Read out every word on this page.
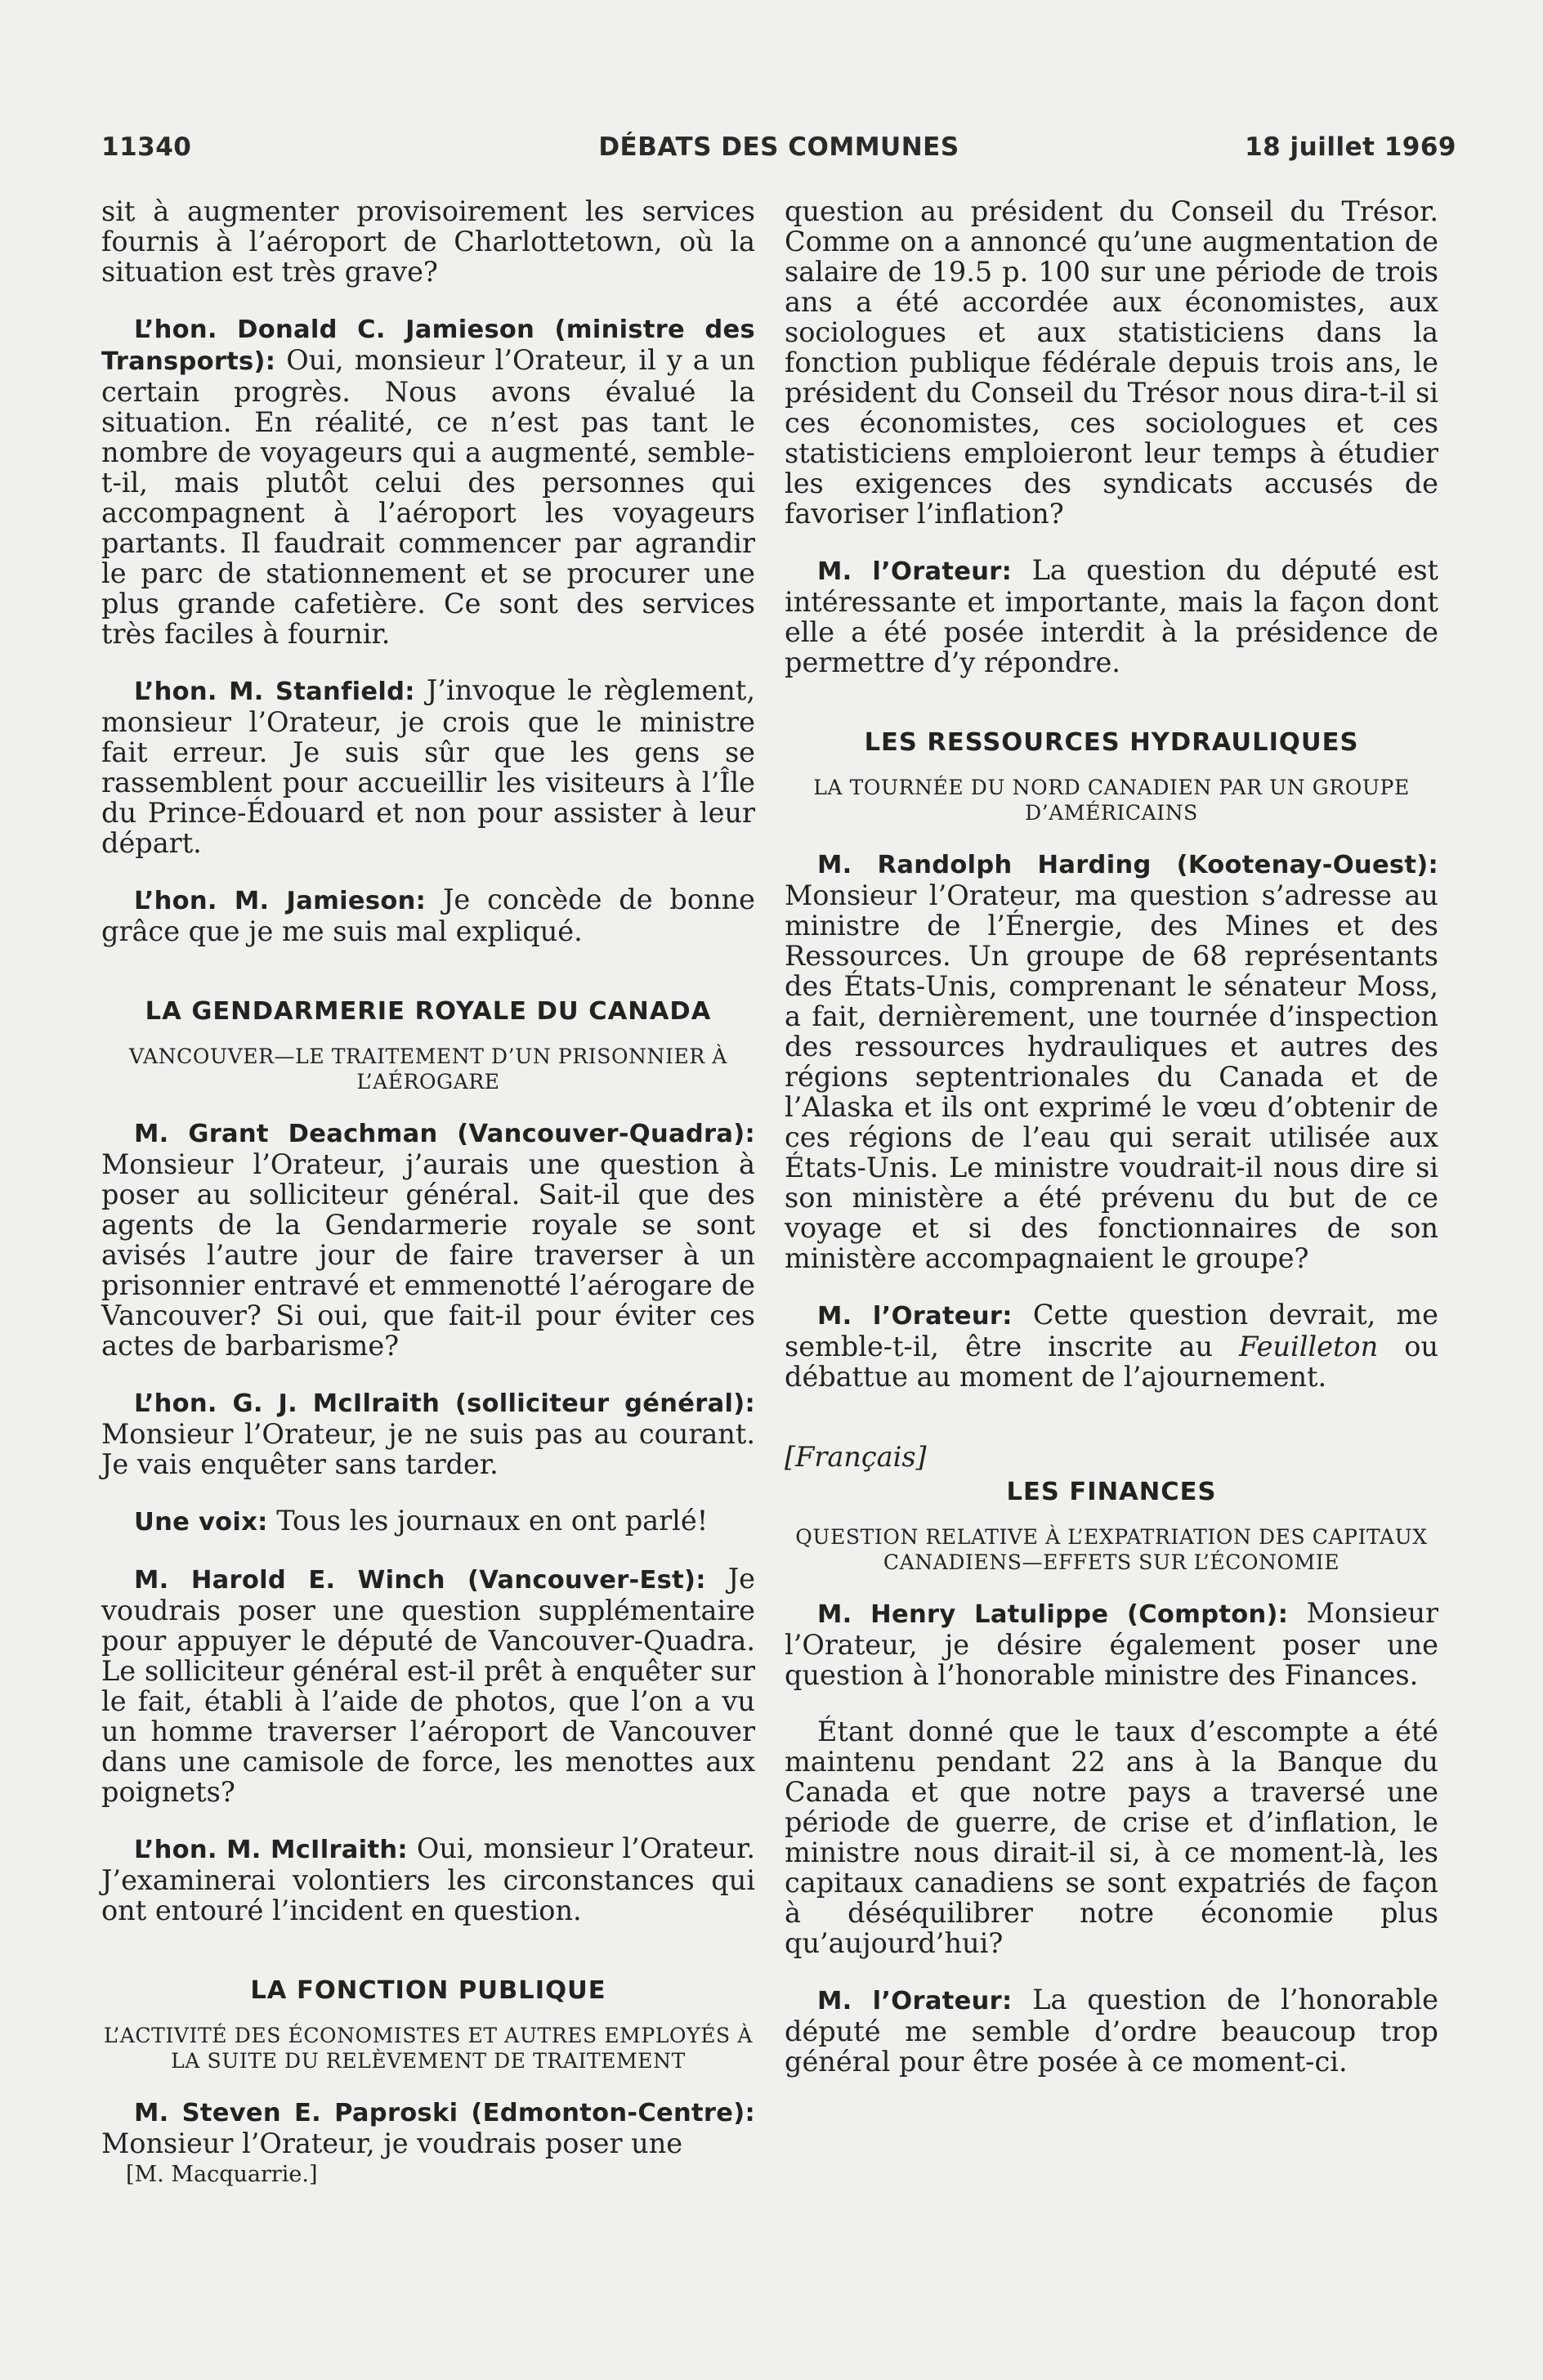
11340	DÉBATS DES COMMUNES	18 juillet 1969

sit à augmenter provisoirement les services fournis à l’aéroport de Charlottetown, où la situation est très grave?

L’hon. Donald C. Jamieson (ministre des Transports): Oui, monsieur l’Orateur, il y a un certain progrès. Nous avons évalué la situation. En réalité, ce n’est pas tant le nombre de voyageurs qui a augmenté, semble-t-il, mais plutôt celui des personnes qui accompagnent à l’aéroport les voyageurs partants. Il faudrait commencer par agrandir le parc de stationnement et se procurer une plus grande cafetière. Ce sont des services très faciles à fournir.

L’hon. M. Stanfield: J’invoque le règlement, monsieur l’Orateur, je crois que le ministre fait erreur. Je suis sûr que les gens se rassemblent pour accueillir les visiteurs à l’Île du Prince-Édouard et non pour assister à leur départ.

L’hon. M. Jamieson: Je concède de bonne grâce que je me suis mal expliqué.

LA GENDARMERIE ROYALE DU CANADA
VANCOUVER—LE TRAITEMENT D’UN PRISONNIER À L’AÉROGARE

M. Grant Deachman (Vancouver-Quadra): Monsieur l’Orateur, j’aurais une question à poser au solliciteur général. Sait-il que des agents de la Gendarmerie royale se sont avisés l’autre jour de faire traverser à un prisonnier entravé et emmenotté l’aérogare de Vancouver? Si oui, que fait-il pour éviter ces actes de barbarisme?

L’hon. G. J. McIlraith (solliciteur général): Monsieur l’Orateur, je ne suis pas au courant. Je vais enquêter sans tarder.

Une voix: Tous les journaux en ont parlé!

M. Harold E. Winch (Vancouver-Est): Je voudrais poser une question supplémentaire pour appuyer le député de Vancouver-Quadra. Le solliciteur général est-il prêt à enquêter sur le fait, établi à l’aide de photos, que l’on a vu un homme traverser l’aéroport de Vancouver dans une camisole de force, les menottes aux poignets?

L’hon. M. McIlraith: Oui, monsieur l’Orateur. J’examinerai volontiers les circonstances qui ont entouré l’incident en question.

LA FONCTION PUBLIQUE
L’ACTIVITÉ DES ÉCONOMISTES ET AUTRES EMPLOYÉS À LA SUITE DU RELÈVEMENT DE TRAITEMENT

M. Steven E. Paproski (Edmonton-Centre): Monsieur l’Orateur, je voudrais poser une

[M. Macquarrie.]

question au président du Conseil du Trésor. Comme on a annoncé qu’une augmentation de salaire de 19.5 p. 100 sur une période de trois ans a été accordée aux économistes, aux sociologues et aux statisticiens dans la fonction publique fédérale depuis trois ans, le président du Conseil du Trésor nous dira-t-il si ces économistes, ces sociologues et ces statisticiens emploieront leur temps à étudier les exigences des syndicats accusés de favoriser l’inflation?

M. l’Orateur: La question du député est intéressante et importante, mais la façon dont elle a été posée interdit à la présidence de permettre d’y répondre.

LES RESSOURCES HYDRAULIQUES
LA TOURNÉE DU NORD CANADIEN PAR UN GROUPE D’AMÉRICAINS

M. Randolph Harding (Kootenay-Ouest): Monsieur l’Orateur, ma question s’adresse au ministre de l’Énergie, des Mines et des Ressources. Un groupe de 68 représentants des États-Unis, comprenant le sénateur Moss, a fait, dernièrement, une tournée d’inspection des ressources hydrauliques et autres des régions septentrionales du Canada et de l’Alaska et ils ont exprimé le vœu d’obtenir de ces régions de l’eau qui serait utilisée aux États-Unis. Le ministre voudrait-il nous dire si son ministère a été prévenu du but de ce voyage et si des fonctionnaires de son ministère accompagnaient le groupe?

M. l’Orateur: Cette question devrait, me semble-t-il, être inscrite au Feuilleton ou débattue au moment de l’ajournement.

[Français]
LES FINANCES
QUESTION RELATIVE À L’EXPATRIATION DES CAPITAUX CANADIENS—EFFETS SUR L’ÉCONOMIE

M. Henry Latulippe (Compton): Monsieur l’Orateur, je désire également poser une question à l’honorable ministre des Finances.

Étant donné que le taux d’escompte a été maintenu pendant 22 ans à la Banque du Canada et que notre pays a traversé une période de guerre, de crise et d’inflation, le ministre nous dirait-il si, à ce moment-là, les capitaux canadiens se sont expatriés de façon à déséquilibrer notre économie plus qu’aujourd’hui?

M. l’Orateur: La question de l’honorable député me semble d’ordre beaucoup trop général pour être posée à ce moment-ci.
